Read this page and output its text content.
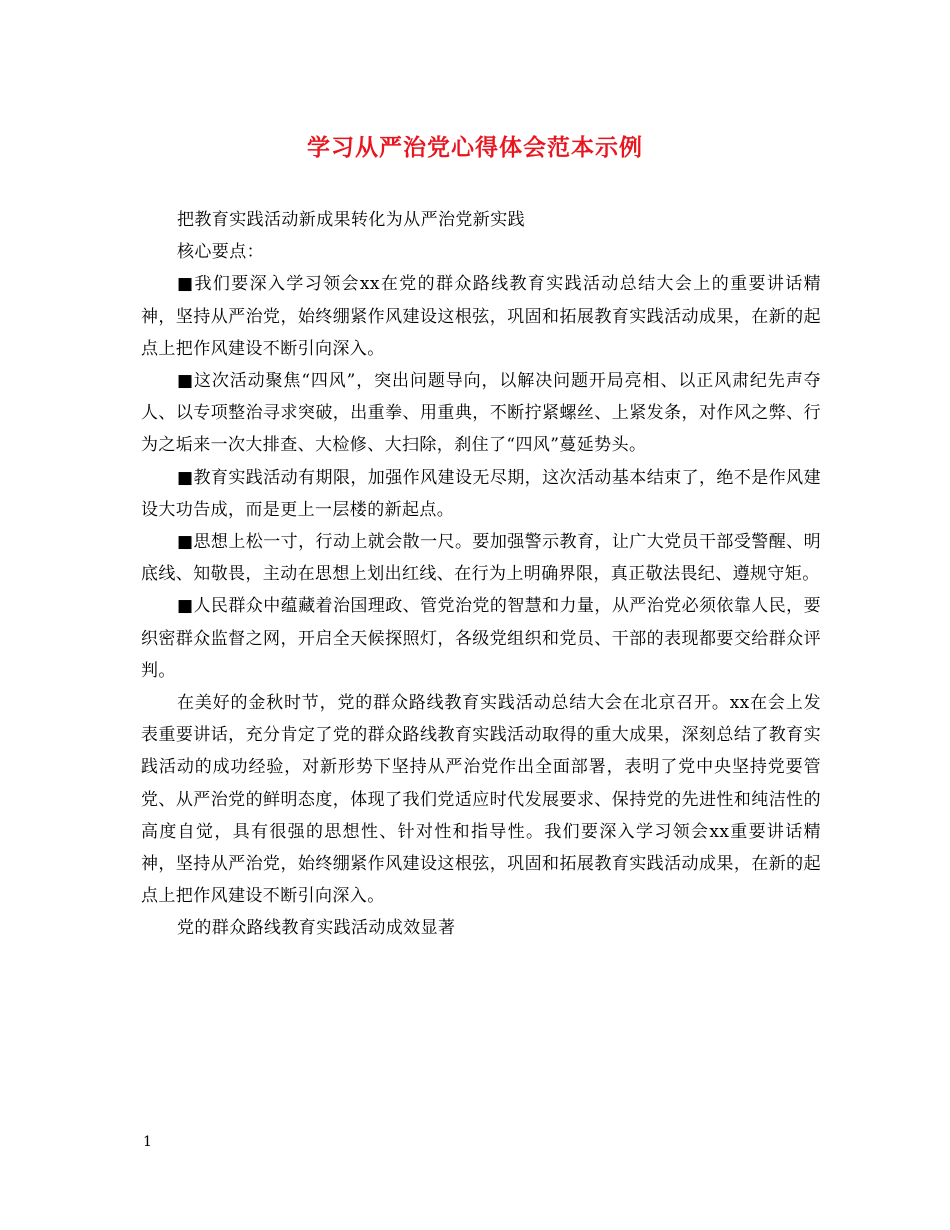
学习从严治党心得体会范本示例

把教育实践活动新成果转化为从严治党新实践

核心要点：

■我们要深入学习领会xx在党的群众路线教育实践活动总结大会上的重要讲话精神，坚持从严治党，始终绷紧作风建设这根弦，巩固和拓展教育实践活动成果，在新的起点上把作风建设不断引向深入。

■这次活动聚焦“四风”，突出问题导向，以解决问题开局亮相、以正风肃纪先声夺人、以专项整治寻求突破，出重拳、用重典，不断拧紧螺丝、上紧发条，对作风之弊、行为之垢来一次大排查、大检修、大扫除，刹住了“四风”蔓延势头。

■教育实践活动有期限，加强作风建设无尽期，这次活动基本结束了，绝不是作风建设大功告成，而是更上一层楼的新起点。

■思想上松一寸，行动上就会散一尺。要加强警示教育，让广大党员干部受警醒、明底线、知敬畏，主动在思想上划出红线、在行为上明确界限，真正敬法畏纪、遵规守矩。

■人民群众中蕴藏着治国理政、管党治党的智慧和力量，从严治党必须依靠人民，要织密群众监督之网，开启全天候探照灯，各级党组织和党员、干部的表现都要交给群众评判。

在美好的金秋时节，党的群众路线教育实践活动总结大会在北京召开。xx在会上发表重要讲话，充分肯定了党的群众路线教育实践活动取得的重大成果，深刻总结了教育实践活动的成功经验，对新形势下坚持从严治党作出全面部署，表明了党中央坚持党要管党、从严治党的鲜明态度，体现了我们党适应时代发展要求、保持党的先进性和纯洁性的高度自觉，具有很强的思想性、针对性和指导性。我们要深入学习领会xx重要讲话精神，坚持从严治党，始终绷紧作风建设这根弦，巩固和拓展教育实践活动成果，在新的起点上把作风建设不断引向深入。

党的群众路线教育实践活动成效显著

1
